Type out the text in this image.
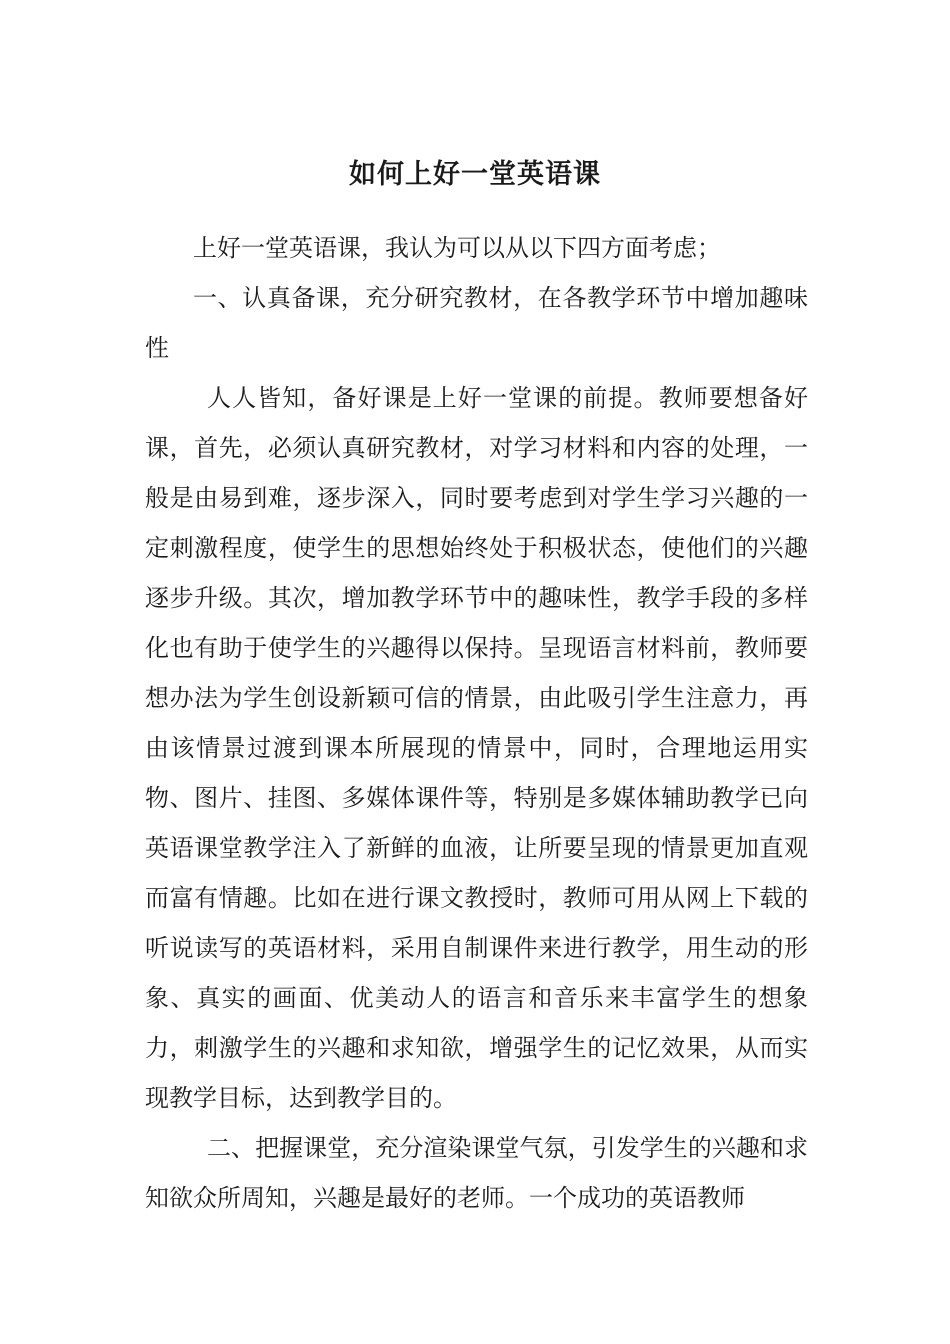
如何上好一堂英语课

上好一堂英语课，我认为可以从以下四方面考虑；

一、认真备课，充分研究教材，在各教学环节中增加趣味性

人人皆知，备好课是上好一堂课的前提。教师要想备好课，首先，必须认真研究教材，对学习材料和内容的处理，一般是由易到难，逐步深入，同时要考虑到对学生学习兴趣的一定刺激程度，使学生的思想始终处于积极状态，使他们的兴趣逐步升级。其次，增加教学环节中的趣味性，教学手段的多样化也有助于使学生的兴趣得以保持。呈现语言材料前，教师要想办法为学生创设新颖可信的情景，由此吸引学生注意力，再由该情景过渡到课本所展现的情景中，同时，合理地运用实物、图片、挂图、多媒体课件等，特别是多媒体辅助教学已向英语课堂教学注入了新鲜的血液，让所要呈现的情景更加直观而富有情趣。比如在进行课文教授时，教师可用从网上下载的听说读写的英语材料，采用自制课件来进行教学，用生动的形象、真实的画面、优美动人的语言和音乐来丰富学生的想象力，刺激学生的兴趣和求知欲，增强学生的记忆效果，从而实现教学目标，达到教学目的。

二、把握课堂，充分渲染课堂气氛，引发学生的兴趣和求知欲众所周知，兴趣是最好的老师。一个成功的英语教师
